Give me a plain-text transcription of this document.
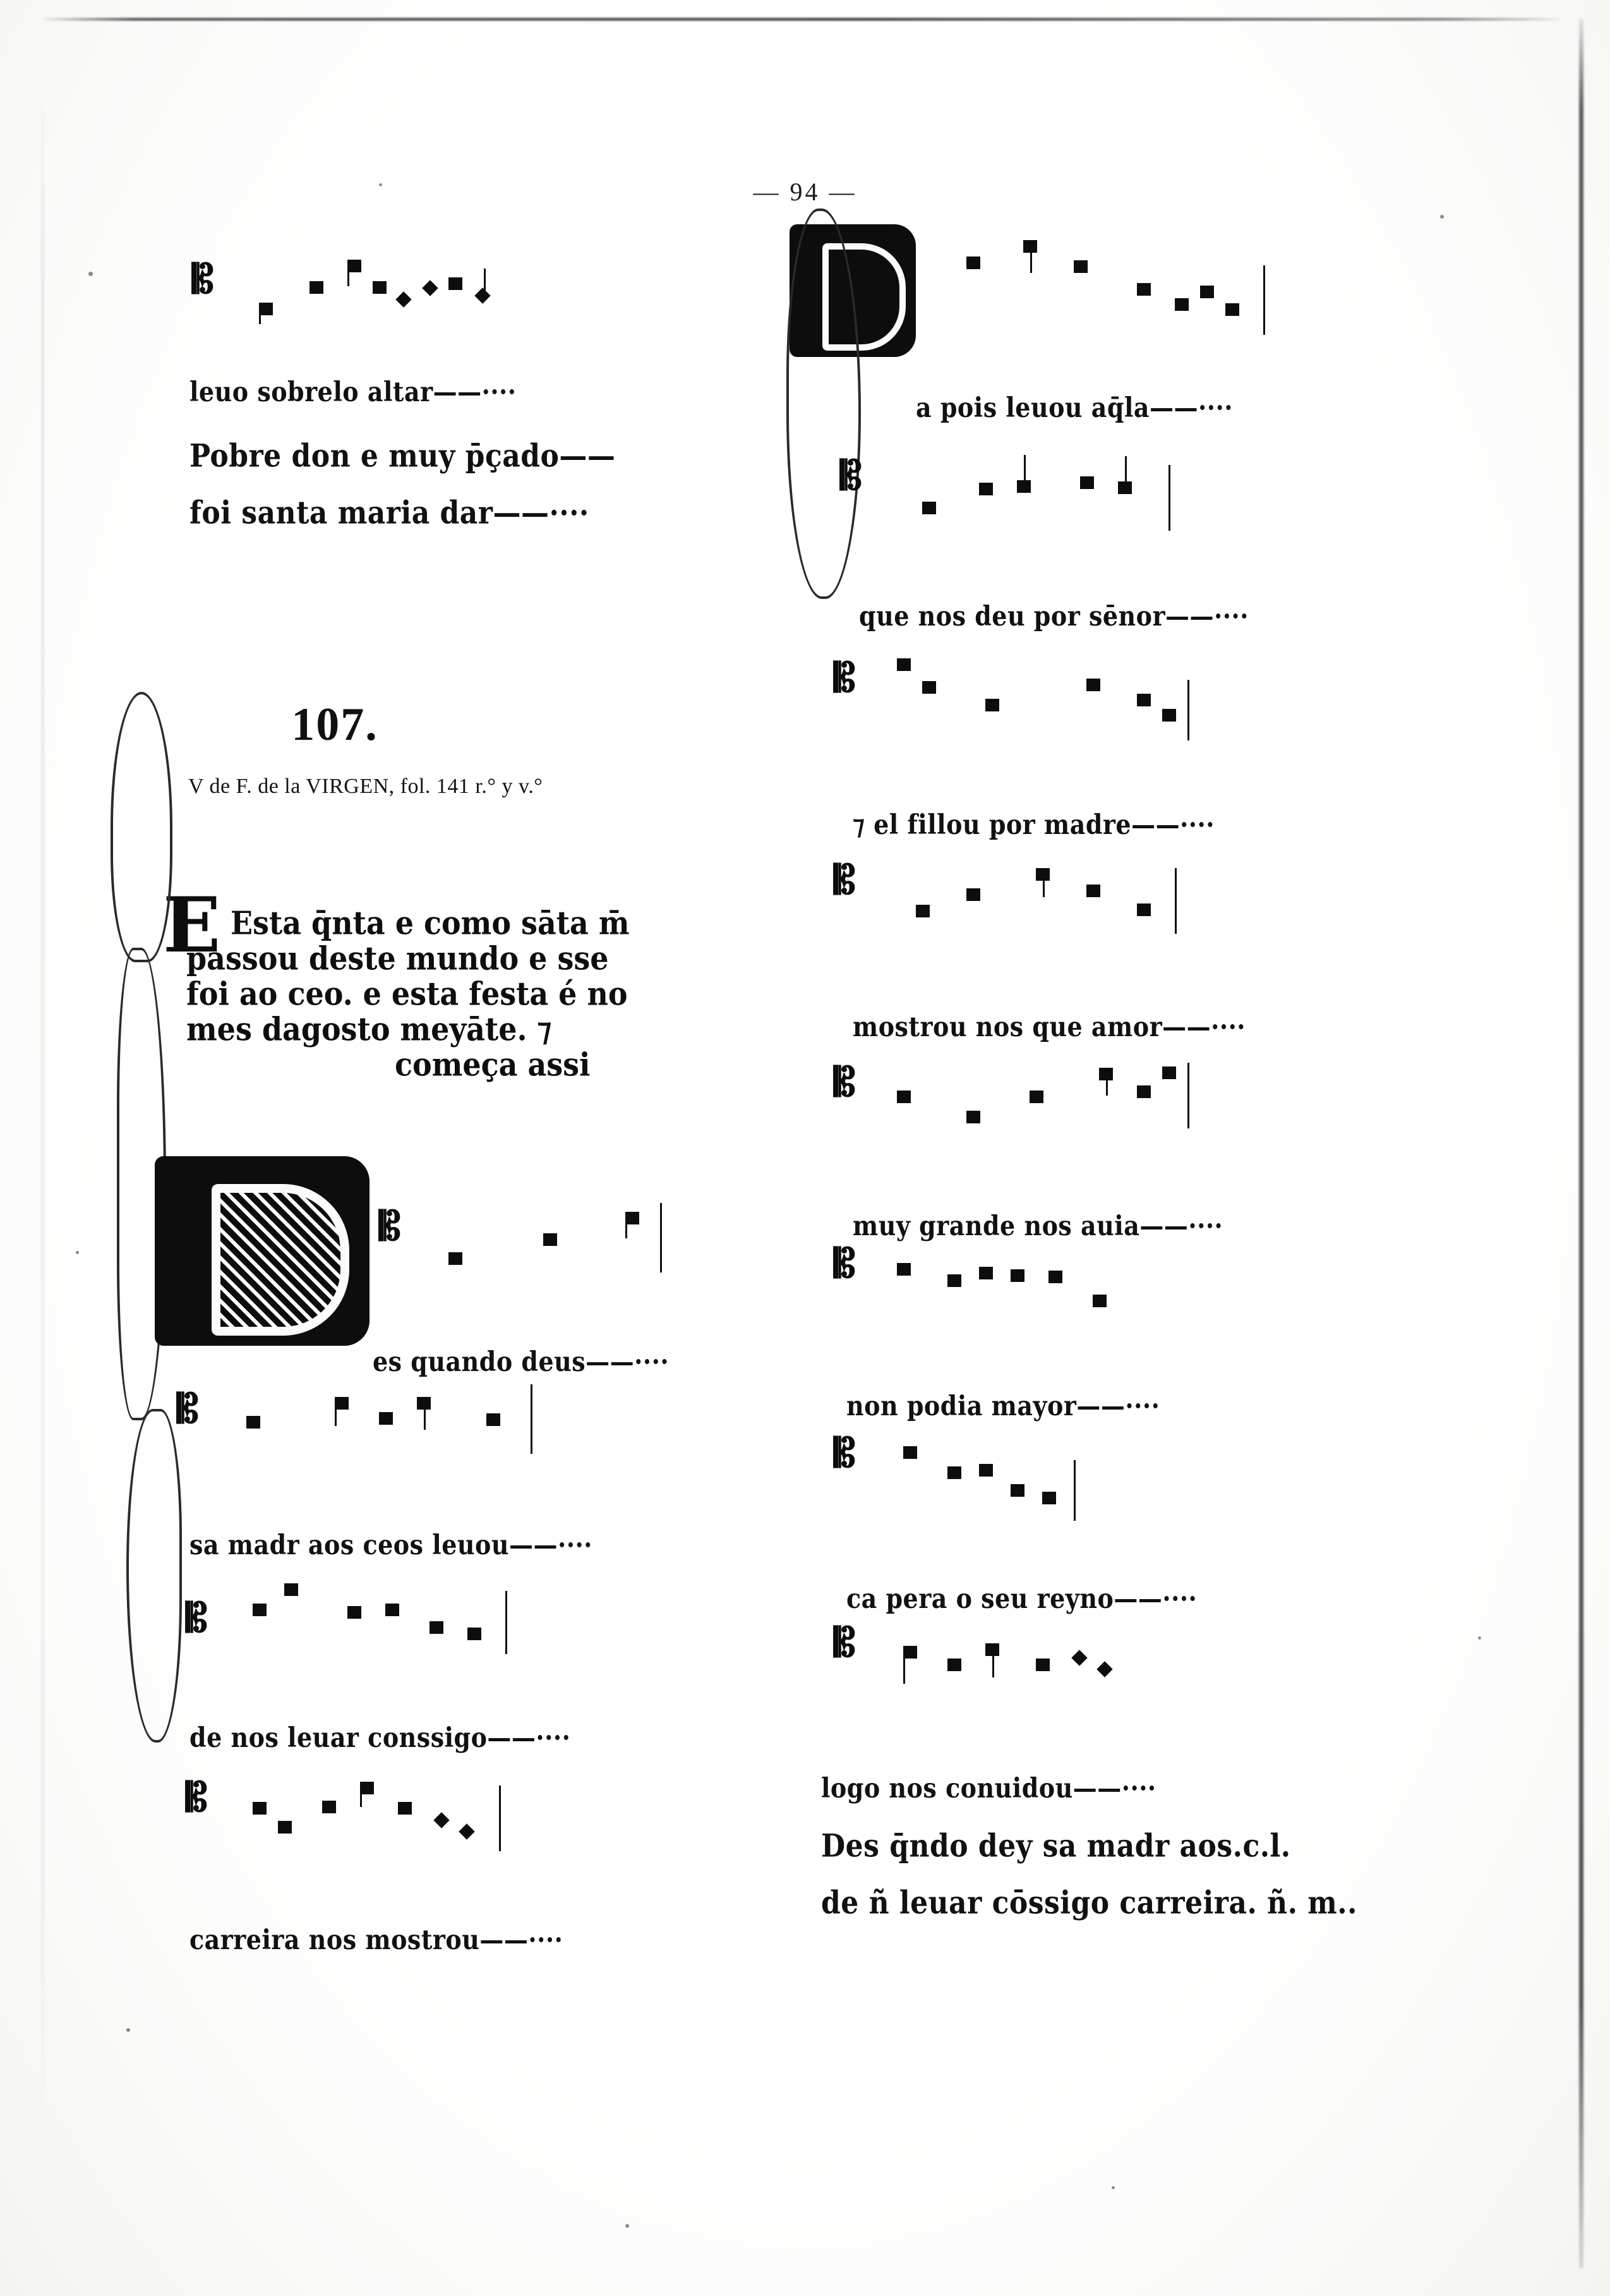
— 94 —
𝄡
leuo sobrelo altar——····
Pobre don e muy p̄çado——
foi santa maria dar——····
107.
V de F. de la VIRGEN, fol. 141 r.° y v.°
E Esta q̄nta e como sāta m̄
passou deste mundo e sse
foi ao ceo. e esta festa é no
mes dagosto meyāte. ⁊
começa assi
𝄡
es quando deus——····
𝄡
sa madr aos ceos leuou——····
𝄡
de nos leuar conssigo——····
𝄡
carreira nos mostrou——····
a pois leuou aq̄la——····
𝄡
que nos deu por sēnor——····
𝄡
⁊ el fillou por madre——····
𝄡
mostrou nos que amor——····
𝄡
muy grande nos auia——····
𝄡
non podia mayor——····
𝄡
ca pera o seu reyno——····
𝄡
logo nos conuidou——····
Des q̄ndo dey sa madr aos.c.l.
de ñ leuar cōssigo carreira. ñ. m..
